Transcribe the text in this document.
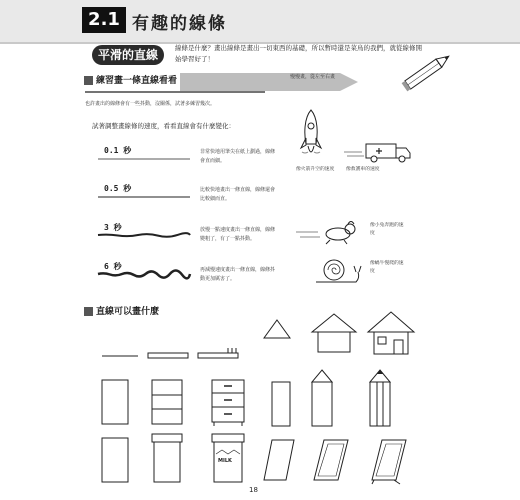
2.1 有趣的線條
平滑的直線	線條是什麼？畫出線條是畫出一切東西的基礎，所以暫時還是菜鳥的我們，就從線條開始學習好了！
練習畫一條直線看看	慢慢畫，從左至右畫
也許畫出的線條會有一些抖動，沒關係，試著多練習幾次。
試著調整畫線條的速度，看看直線會有什麼變化：
0.1 秒	非常快地用筆尖在紙上劃過，線條會直而細。
0.5 秒	比較快地畫出一條直線，線條還會比較細而直。
3 秒	放慢一點速度畫出一條直線，線條變粗了，有了一點抖動。
6 秒	再減慢速度畫出一條直線，線條抖動更加厲害了。
像火箭升空的速度 像救護車的速度
像小兔奔跑的速度
像蝸牛慢爬的速度
直線可以畫什麼
MILK
18
